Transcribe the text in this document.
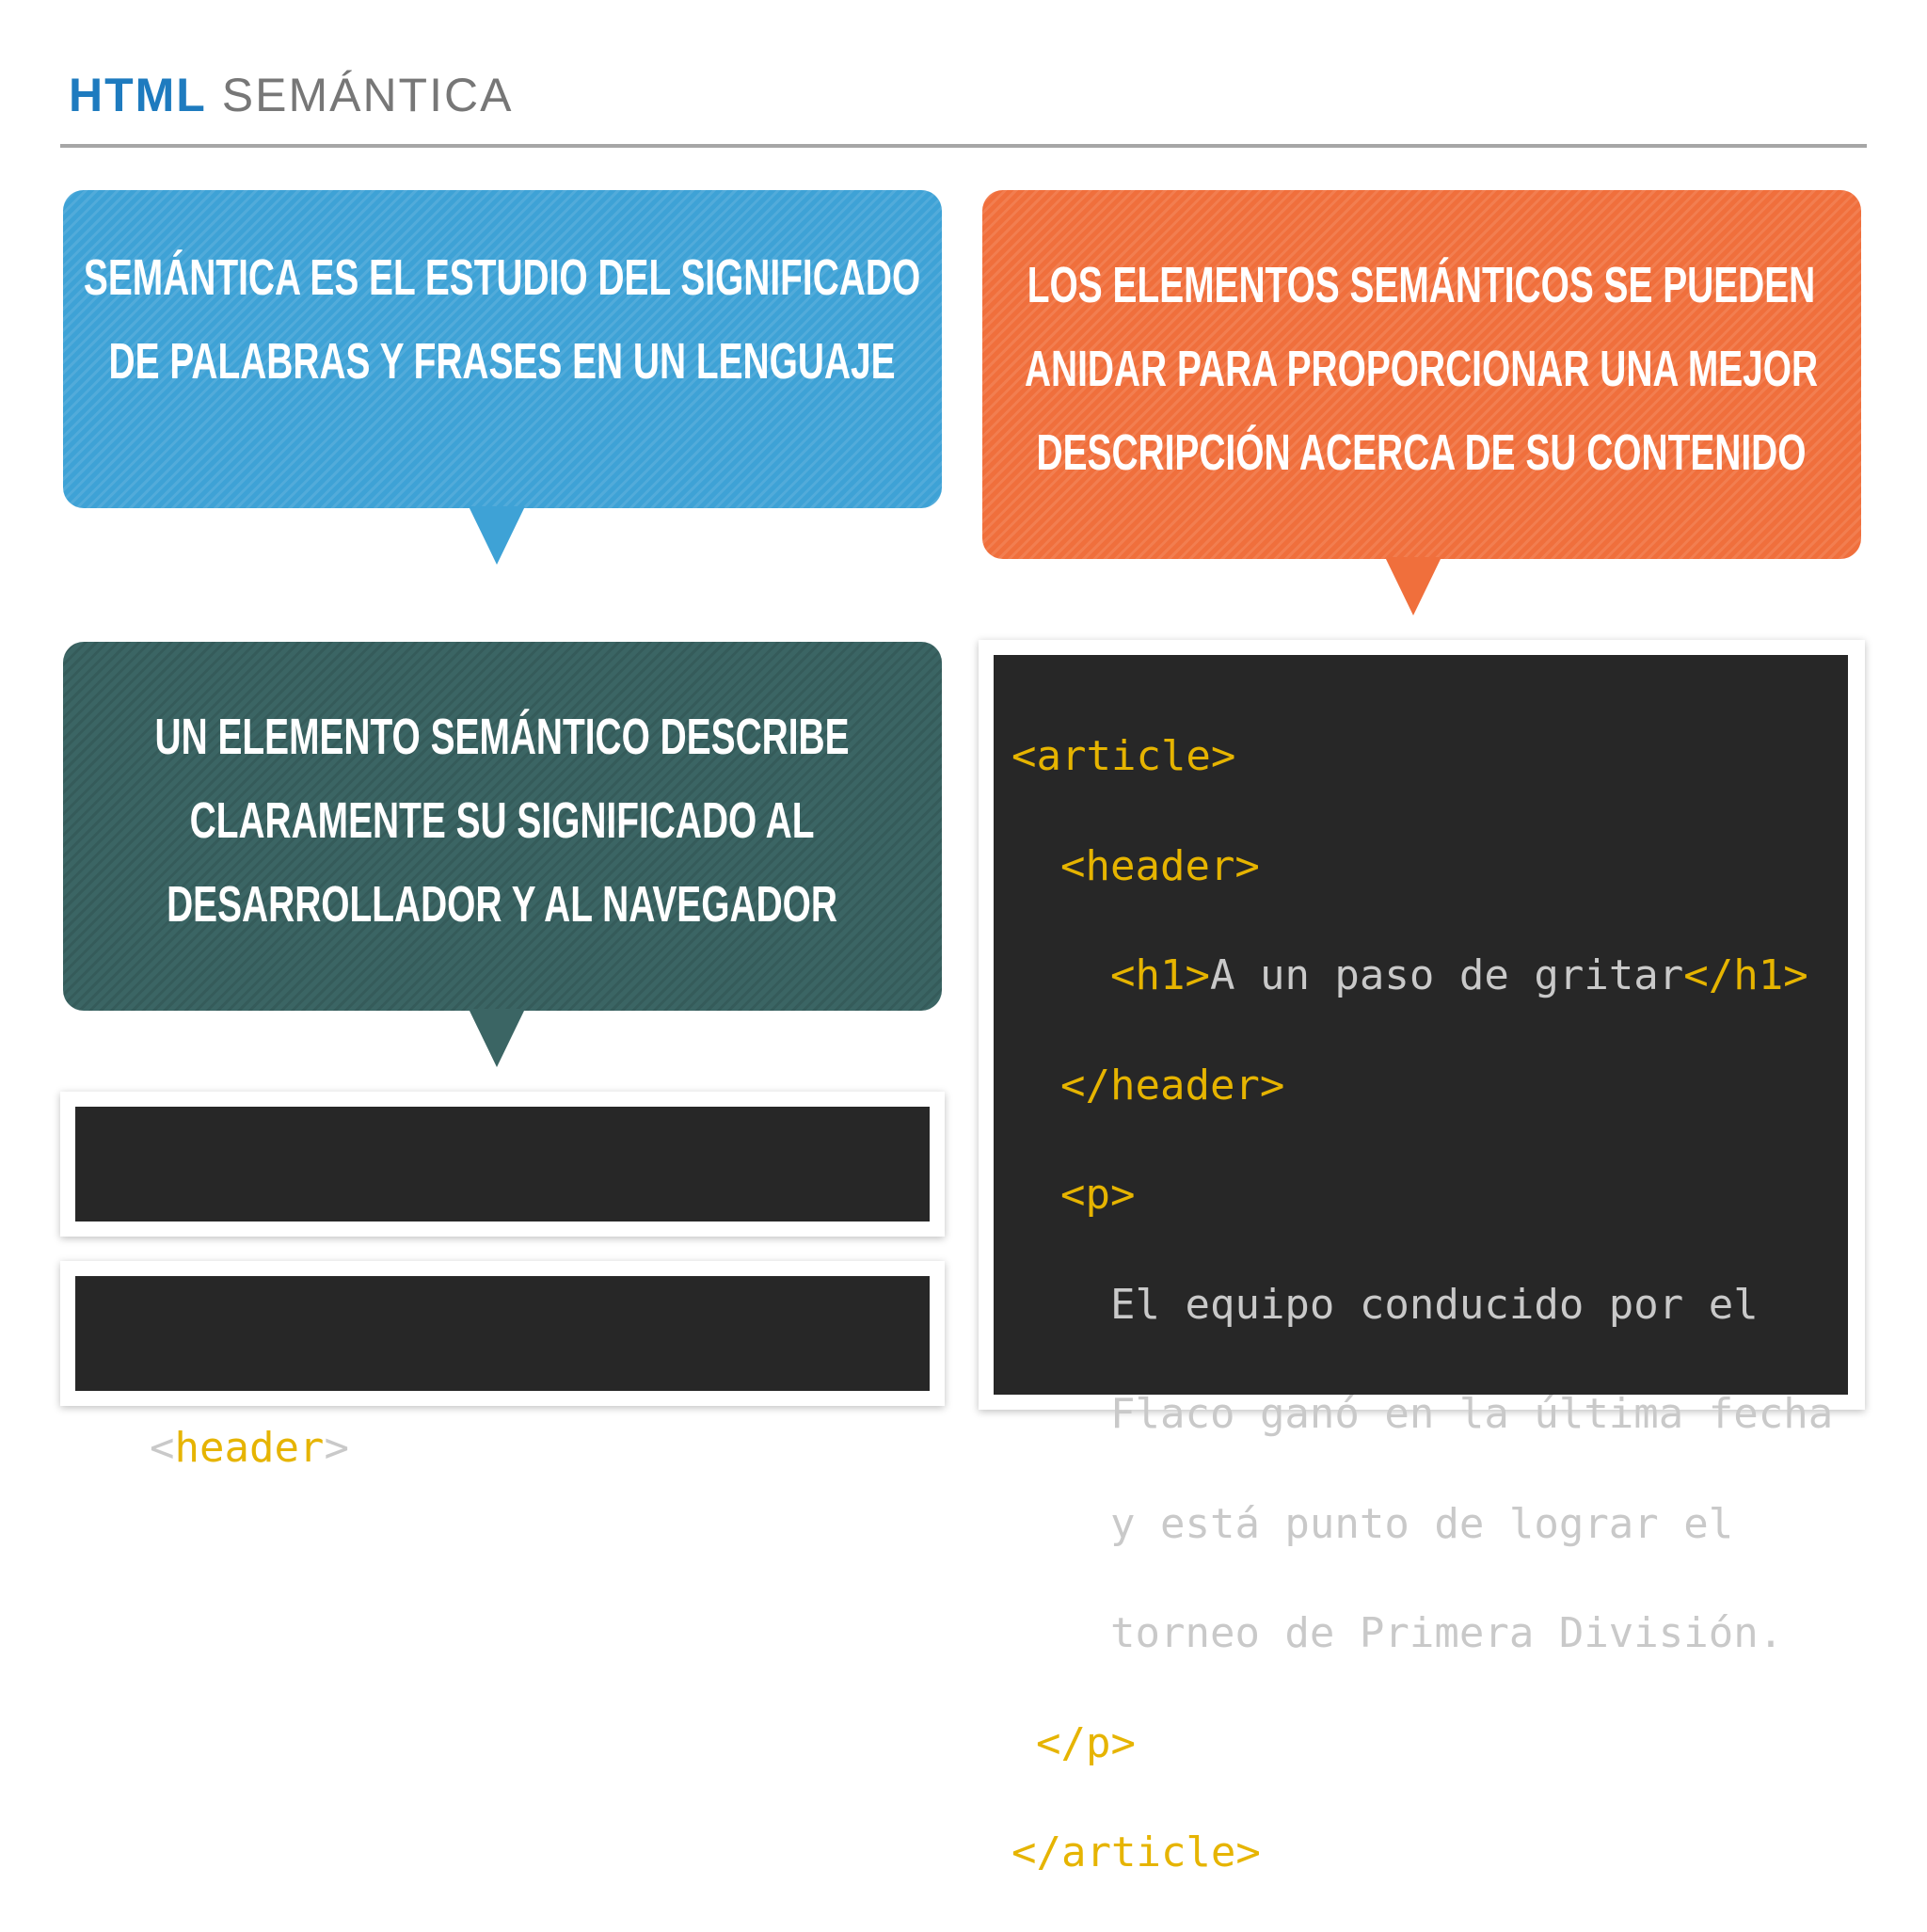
HTML SEMÁNTICA
SEMÁNTICA ES EL ESTUDIO DEL SIGNIFICADO
DE PALABRAS Y FRASES EN UN LENGUAJE
LOS ELEMENTOS SEMÁNTICOS SE PUEDEN
ANIDAR PARA PROPORCIONAR UNA MEJOR
DESCRIPCIÓN ACERCA DE SU CONTENIDO
UN ELEMENTO SEMÁNTICO DESCRIBE
CLARAMENTE SU SIGNIFICADO AL
DESARROLLADOR Y AL NAVEGADOR

<header>

<article>

<header>

<h1>A un paso de gritar</h1>

</header>

<p>

El equipo conducido por el

Flaco ganó en la última fecha

y está punto de lograr el

torneo de Primera División.

</p>

</article>
